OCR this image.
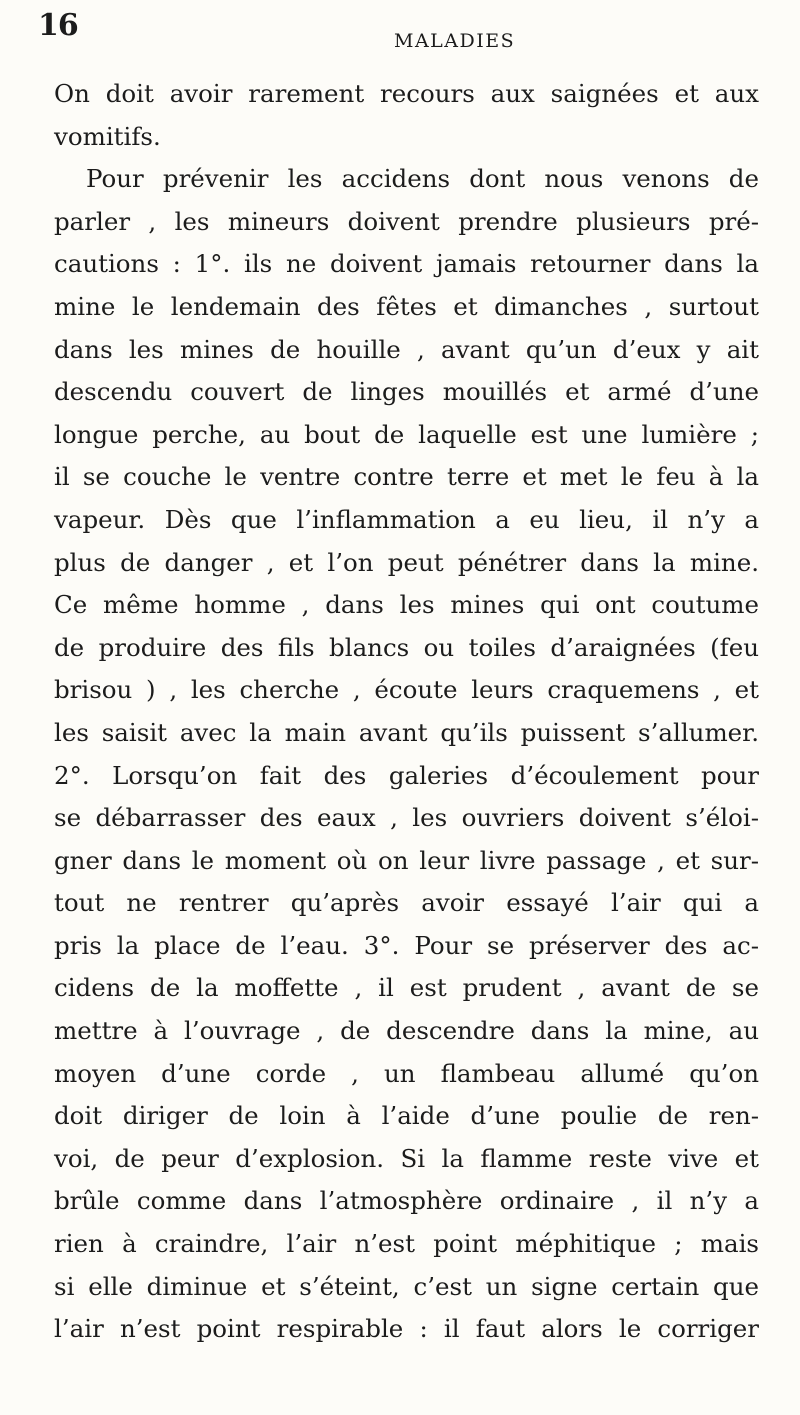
16	MALADIES
On doit avoir rarement recours aux saignées et aux
vomitifs.
Pour prévenir les accidens dont nous venons de
parler , les mineurs doivent prendre plusieurs pré-
cautions : 1°. ils ne doivent jamais retourner dans la
mine le lendemain des fêtes et dimanches , surtout
dans les mines de houille , avant qu’un d’eux y ait
descendu couvert de linges mouillés et armé d’une
longue perche, au bout de laquelle est une lumière ;
il se couche le ventre contre terre et met le feu à la
vapeur. Dès que l’inflammation a eu lieu, il n’y a
plus de danger , et l’on peut pénétrer dans la mine.
Ce même homme , dans les mines qui ont coutume
de produire des fils blancs ou toiles d’araignées (feu
brisou ) , les cherche , écoute leurs craquemens , et
les saisit avec la main avant qu’ils puissent s’allumer.
2°. Lorsqu’on fait des galeries d’écoulement pour
se débarrasser des eaux , les ouvriers doivent s’éloi-
gner dans le moment où on leur livre passage , et sur-
tout ne rentrer qu’après avoir essayé l’air qui a
pris la place de l’eau. 3°. Pour se préserver des ac-
cidens de la moffette , il est prudent , avant de se
mettre à l’ouvrage , de descendre dans la mine, au
moyen d’une corde , un flambeau allumé qu’on
doit diriger de loin à l’aide d’une poulie de ren-
voi, de peur d’explosion. Si la flamme reste vive et
brûle comme dans l’atmosphère ordinaire , il n’y a
rien à craindre, l’air n’est point méphitique ; mais
si elle diminue et s’éteint, c’est un signe certain que
l’air n’est point respirable : il faut alors le corriger
